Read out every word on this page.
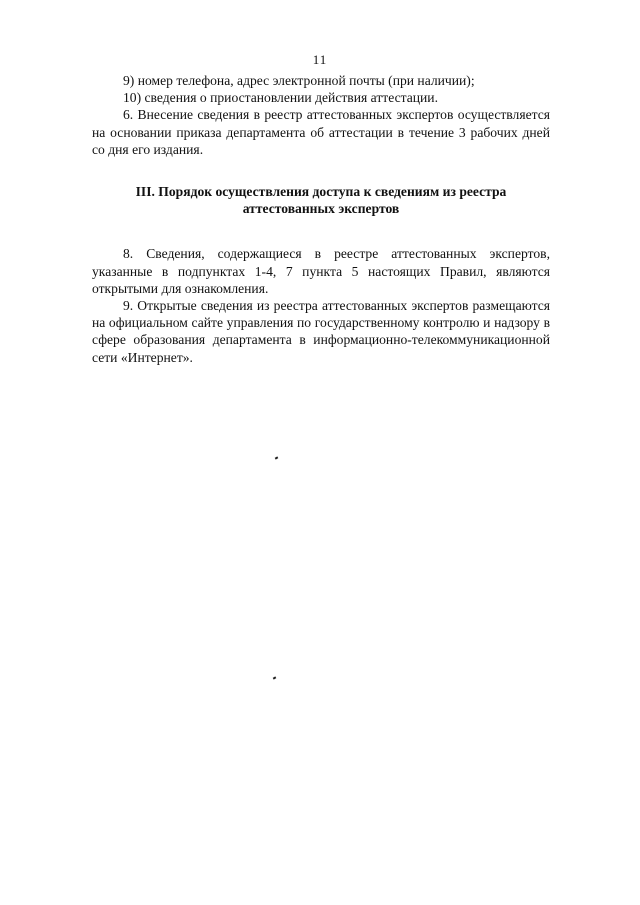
11

9) номер телефона, адрес электронной почты (при наличии);

10) сведения о приостановлении действия аттестации.

6. Внесение сведения в реестр аттестованных экспертов осуществляется на основании приказа департамента об аттестации в течение 3 рабочих дней со дня его издания.

III. Порядок осуществления доступа к сведениям из реестра
аттестованных экспертов

8. Сведения, содержащиеся в реестре аттестованных экспертов, указанные в подпунктах 1-4, 7 пункта 5 настоящих Правил, являются открытыми для ознакомления.

9. Открытые сведения из реестра аттестованных экспертов размещаются на официальном сайте управления по государственному контролю и надзору в сфере образования департамента в информационно-телекоммуникационной сети «Интернет».
